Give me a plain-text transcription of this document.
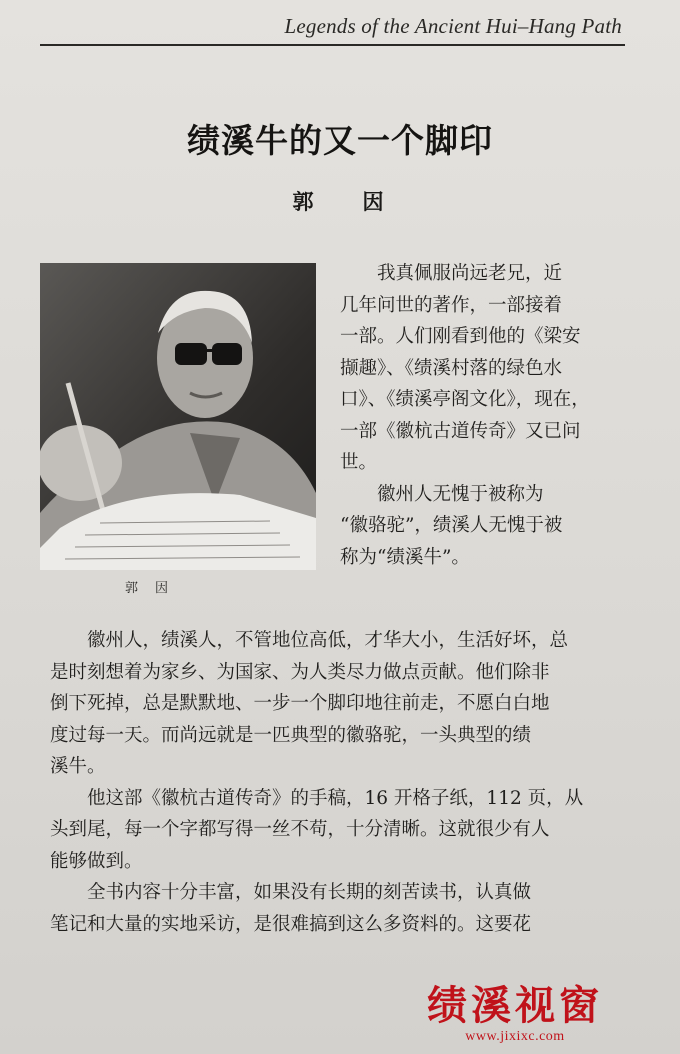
Legends of the Ancient Hui–Hang Path
绩溪牛的又一个脚印
郭　因
郭　因
　　我真佩服尚远老兄，近
几年问世的著作，一部接着
一部。人们刚看到他的《梁安
撷趣》、《绩溪村落的绿色水
口》、《绩溪亭阁文化》，现在，
一部《徽杭古道传奇》又已问
世。
　　徽州人无愧于被称为
“徽骆驼”，绩溪人无愧于被
称为“绩溪牛”。
　　徽州人，绩溪人，不管地位高低，才华大小，生活好坏，总
是时刻想着为家乡、为国家、为人类尽力做点贡献。他们除非
倒下死掉，总是默默地、一步一个脚印地往前走，不愿白白地
度过每一天。而尚远就是一匹典型的徽骆驼，一头典型的绩
溪牛。
　　他这部《徽杭古道传奇》的手稿，16 开格子纸，112 页，从
头到尾，每一个字都写得一丝不苟，十分清晰。这就很少有人
能够做到。
　　全书内容十分丰富，如果没有长期的刻苦读书，认真做
笔记和大量的实地采访，是很难搞到这么多资料的。这要花
绩溪视窗
www.jixixc.com
